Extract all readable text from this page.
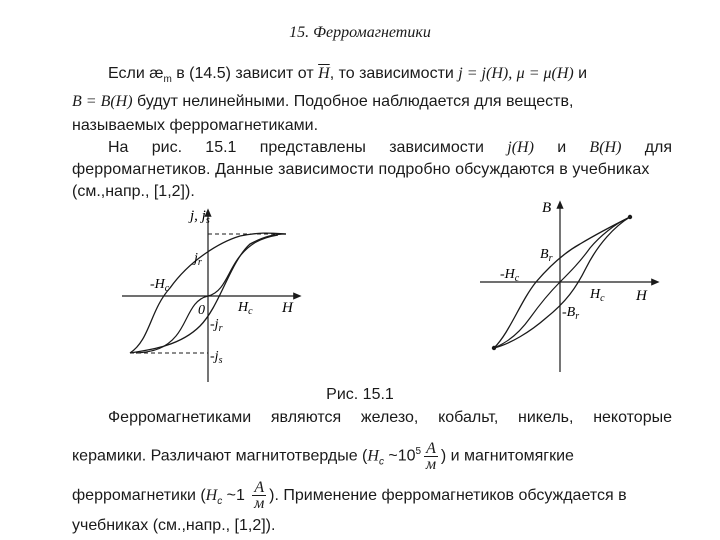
15. Ферромагнетики
Если $æ_m$ в (14.5) зависит от $\overline{H}$, то зависимости j = j(H), μ = μ(H) и
B = B(H) будут нелинейными. Подобное наблюдается для веществ,
называемых ферромагнетиками.
На рис. 15.1 представлены зависимости j(H) и B(H) для
ферромагнетиков. Данные зависимости подробно обсуждаются в учебниках
(см.,напр., [1,2]).
j, $j_s$
H
0
$j_r$
$-j_r$
$-j_s$
$-H_c$
$H_c$
B
H
$B_r$
$-B_r$
$-H_c$
$H_c$
Рис. 15.1
Ферромагнетиками являются железо, кобальт, никель, некоторые
керамики. Различают магнитотвердые ($H_c$ $\sim 10^5 \frac{A}{м}$ ) и магнитомягкие
ферромагнетики ($H_c$ ~1 $\frac{A}{м}$ ). Применение ферромагнетиков обсуждается в
учебниках (см.,напр., [1,2]).
